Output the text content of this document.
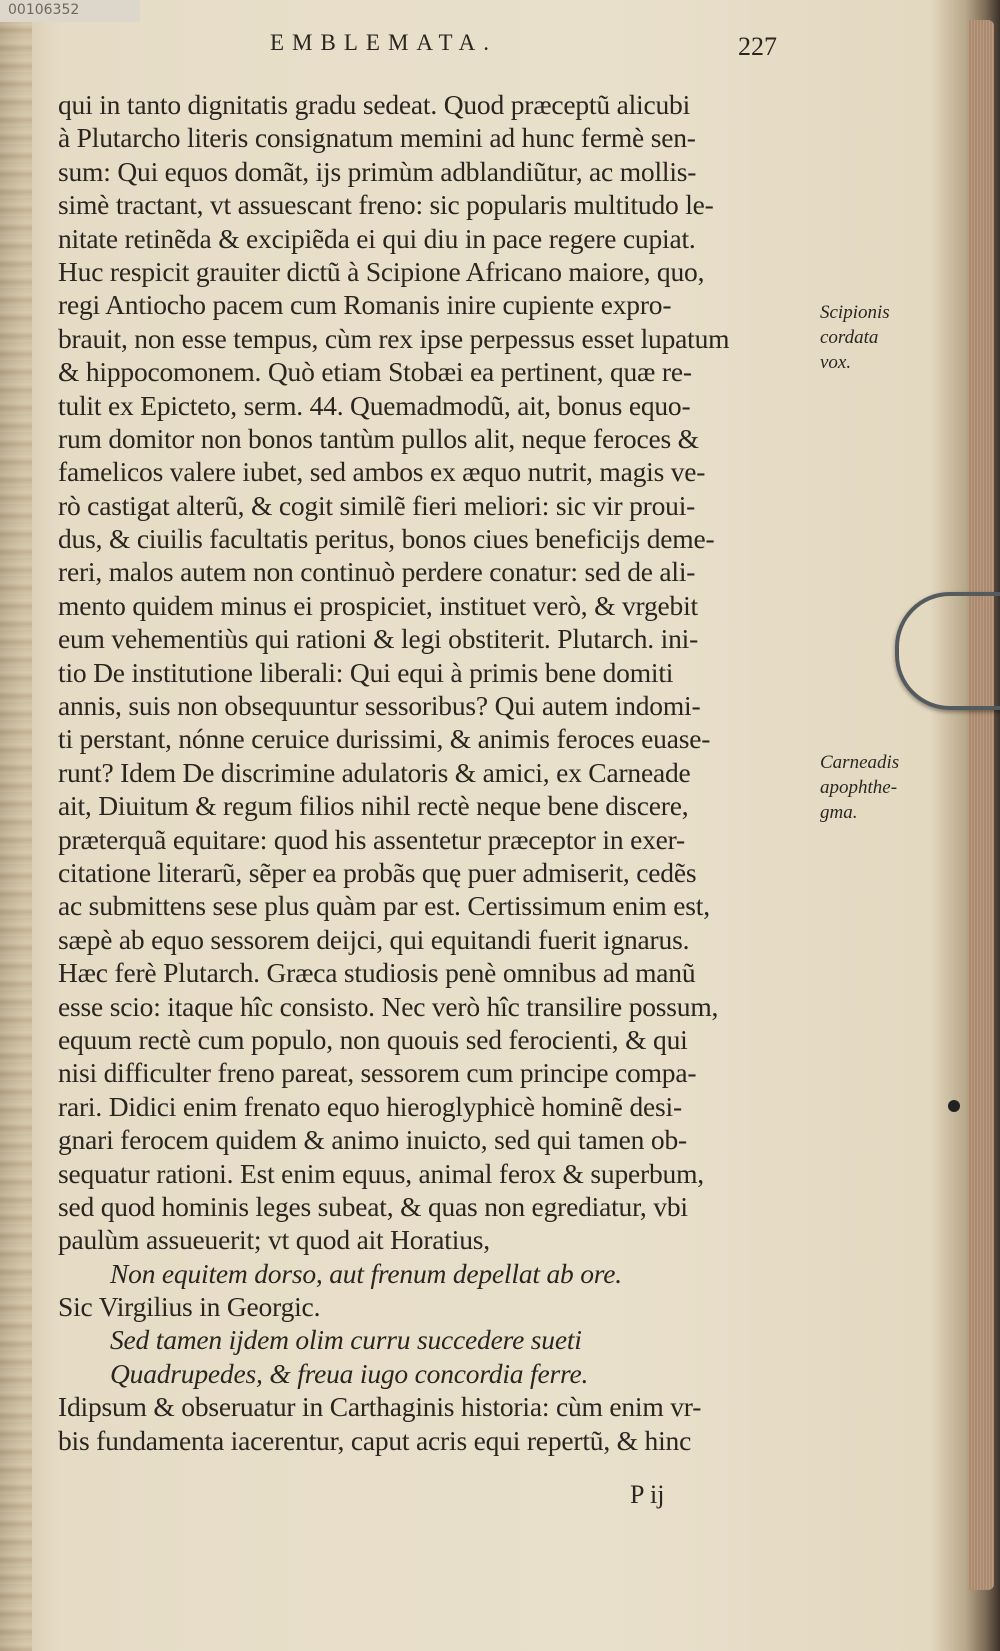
00106352
EMBLEMATA.	227
qui in tanto dignitatis gradu sedeat. Quod præceptũ alicubi
à Plutarcho literis consignatum memini ad hunc fermè sen-
sum: Qui equos domãt, ijs primùm adblandiũtur, ac mollis-
simè tractant, vt assuescant freno: sic popularis multitudo le-
nitate retinẽda & excipiẽda ei qui diu in pace regere cupiat.
Huc respicit grauiter dictũ à Scipione Africano maiore, quo,
regi Antiocho pacem cum Romanis inire cupiente expro-
brauit, non esse tempus, cùm rex ipse perpessus esset lupatum
& hippocomonem. Quò etiam Stobæi ea pertinent, quæ re-
tulit ex Epicteto, serm. 44. Quemadmodũ, ait, bonus equo-
rum domitor non bonos tantùm pullos alit, neque feroces &
famelicos valere iubet, sed ambos ex æquo nutrit, magis ve-
rò castigat alterũ, & cogit similẽ fieri meliori: sic vir proui-
dus, & ciuilis facultatis peritus, bonos ciues beneficijs deme-
reri, malos autem non continuò perdere conatur: sed de ali-
mento quidem minus ei prospiciet, instituet verò, & vrgebit
eum vehementiùs qui rationi & legi obstiterit. Plutarch. ini-
tio De institutione liberali: Qui equi à primis bene domiti
annis, suis non obsequuntur sessoribus? Qui autem indomi-
ti perstant, nónne ceruice durissimi, & animis feroces euase-
runt? Idem De discrimine adulatoris & amici, ex Carneade
ait, Diuitum & regum filios nihil rectè neque bene discere,
præterquã equitare: quod his assentetur præceptor in exer-
citatione literarũ, sẽper ea probãs quę puer admiserit, cedẽs
ac submittens sese plus quàm par est. Certissimum enim est,
sæpè ab equo sessorem deijci, qui equitandi fuerit ignarus.
Hæc ferè Plutarch. Græca studiosis penè omnibus ad manũ
esse scio: itaque hîc consisto. Nec verò hîc transilire possum,
equum rectè cum populo, non quouis sed ferocienti, & qui
nisi difficulter freno pareat, sessorem cum principe compa-
rari. Didici enim frenato equo hieroglyphicè hominẽ desi-
gnari ferocem quidem & animo inuicto, sed qui tamen ob-
sequatur rationi. Est enim equus, animal ferox & superbum,
sed quod hominis leges subeat, & quas non egrediatur, vbi
paulùm assueuerit; vt quod ait Horatius,
Non equitem dorso, aut frenum depellat ab ore.
Sic Virgilius in Georgic.
Sed tamen ijdem olim curru succedere sueti
Quadrupedes, & freua iugo concordia ferre.
Idipsum & obseruatur in Carthaginis historia: cùm enim vr-
bis fundamenta iacerentur, caput acris equi repertũ, & hinc
Scipionis
cordata
vox.
Carneadis
apophthe-
gma.
P ij
